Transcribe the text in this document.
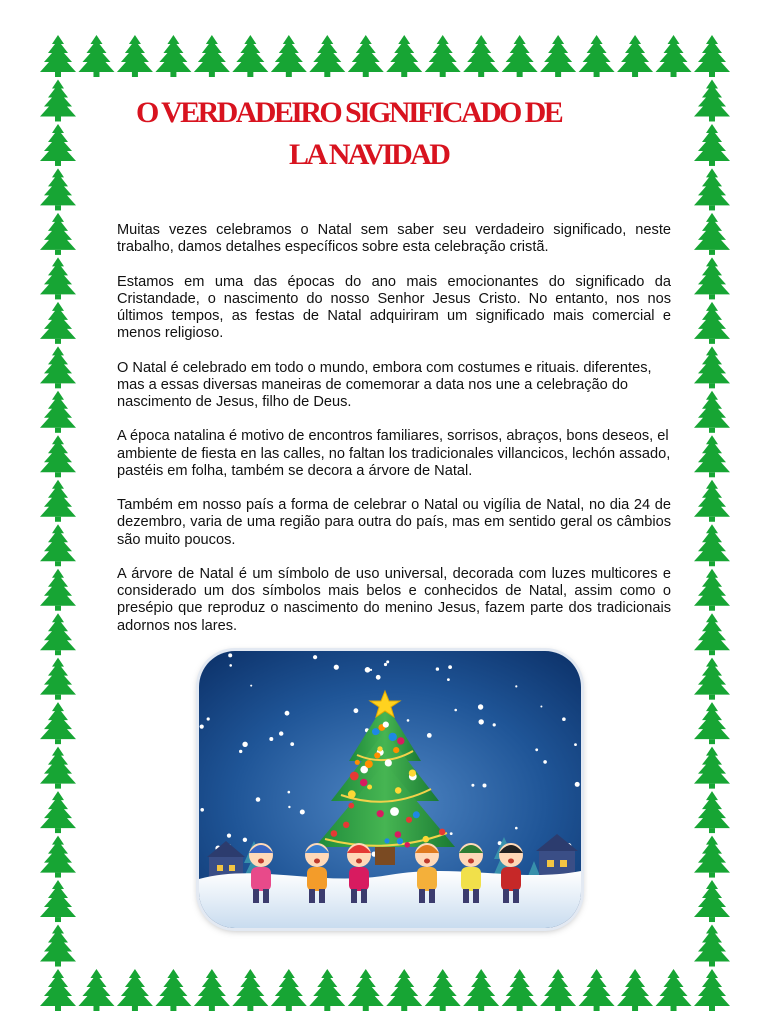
O VERDADEIRO SIGNIFICADO DE
LA NAVIDAD

Muitas vezes celebramos o Natal sem saber seu verdadeiro significado, neste trabalho, damos detalhes específicos sobre esta celebração cristã.

Estamos em uma das épocas do ano mais emocionantes do significado da Cristandade, o nascimento do nosso Senhor Jesus Cristo. No entanto, nos nos últimos tempos, as festas de Natal adquiriram um significado mais comercial e menos religioso.

O Natal é celebrado em todo o mundo, embora com costumes e rituais. diferentes, mas a essas diversas maneiras de comemorar a data nos une a celebração do nascimento de Jesus, filho de Deus.

A época natalina é motivo de encontros familiares, sorrisos, abraços, bons deseos, el ambiente de fiesta en las calles, no faltan los tradicionales villancicos, lechón assado, pastéis em folha, também se decora a árvore de Natal.

Também em nosso país a forma de celebrar o Natal ou vigília de Natal, no dia 24 de dezembro, varia de uma região para outra do país, mas em sentido geral os câmbios são muito poucos.

A árvore de Natal é um símbolo de uso universal, decorada com luzes multicores e considerado um dos símbolos mais belos e conhecidos de Natal, assim como o presépio que reproduz o nascimento do menino Jesus, fazem parte dos tradicionais adornos nos lares.
